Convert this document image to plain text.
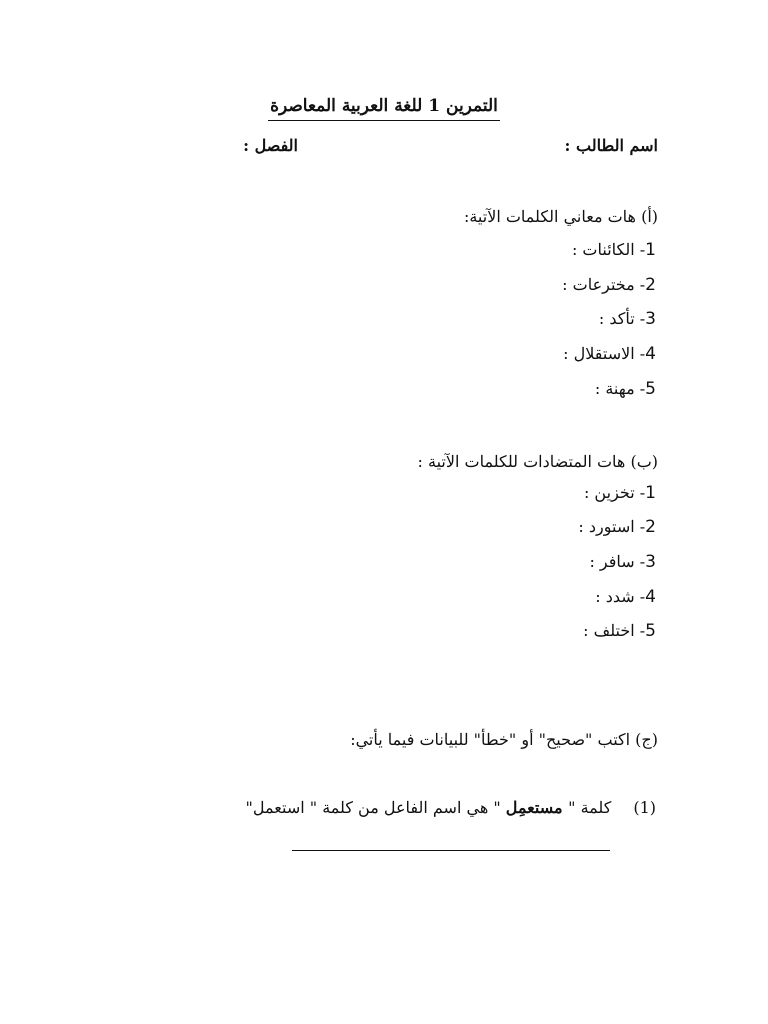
التمرين 1 للغة العربية المعاصرة
اسم الطالب :
الفصل :
(أ) هات معاني الكلمات الآتية:
1- الكائنات :
2- مخترعات :
3- تأكد :
4- الاستقلال :
5- مهنة :
(ب) هات المتضادات للكلمات الآتية :
1- تخزين :
2- استورد :
3- سافر :
4- شدد :
5- اختلف :
(ج) اكتب "صحيح" أو "خطأ" للبيانات فيما يأتي:
(1)كلمة " مستعمِل " هي اسم الفاعل من كلمة " استعمل"
